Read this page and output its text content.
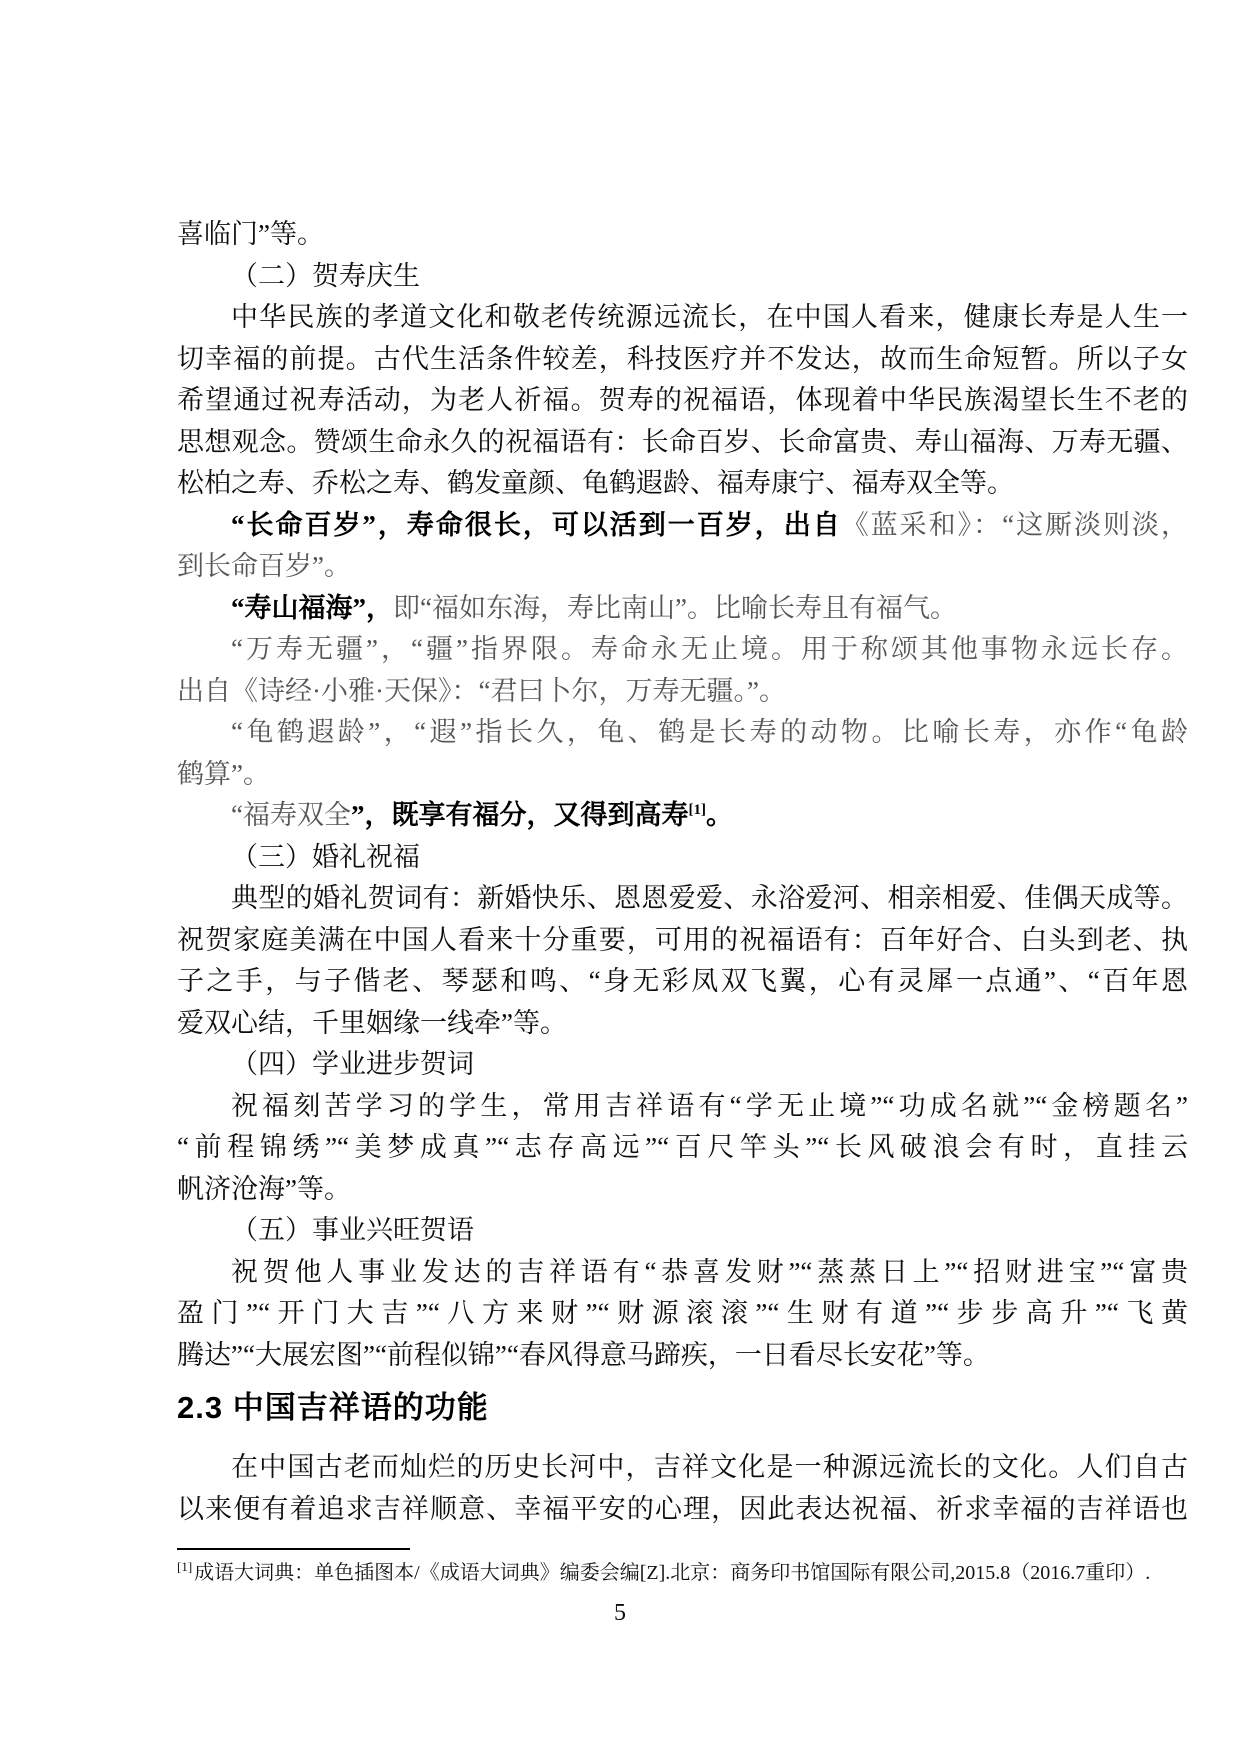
喜临门”等。
（二）贺寿庆生
中华民族的孝道文化和敬老传统源远流长，在中国人看来，健康长寿是人生一
切幸福的前提。古代生活条件较差，科技医疗并不发达，故而生命短暂。所以子女
希望通过祝寿活动，为老人祈福。贺寿的祝福语，体现着中华民族渴望长生不老的
思想观念。赞颂生命永久的祝福语有：长命百岁、长命富贵、寿山福海、万寿无疆、
松柏之寿、乔松之寿、鹤发童颜、龟鹤遐龄、福寿康宁、福寿双全等。
“长命百岁”，寿命很长，可以活到一百岁，出自《蓝采和》：“这厮淡则淡，
到长命百岁”。
“寿山福海”，即“福如东海，寿比南山”。比喻长寿且有福气。
“万寿无疆”，“疆”指界限。寿命永无止境。用于称颂其他事物永远长存。
出自《诗经·小雅·天保》：“君曰卜尔，万寿无疆。”。
“龟鹤遐龄”，“遐”指长久，龟、鹤是长寿的动物。比喻长寿，亦作“龟龄
鹤算”。
“福寿双全”，既享有福分，又得到高寿[1]。
（三）婚礼祝福
典型的婚礼贺词有：新婚快乐、恩恩爱爱、永浴爱河、相亲相爱、佳偶天成等。
祝贺家庭美满在中国人看来十分重要，可用的祝福语有：百年好合、白头到老、执
子之手，与子偕老、琴瑟和鸣、“身无彩凤双飞翼，心有灵犀一点通”、“百年恩
爱双心结，千里姻缘一线牵”等。
（四）学业进步贺词
祝福刻苦学习的学生，常用吉祥语有“学无止境”“功成名就”“金榜题名”
“前程锦绣”“美梦成真”“志存高远”“百尺竿头”“长风破浪会有时，直挂云
帆济沧海”等。
（五）事业兴旺贺语
祝贺他人事业发达的吉祥语有“恭喜发财”“蒸蒸日上”“招财进宝”“富贵
盈门”“开门大吉”“八方来财”“财源滚滚”“生财有道”“步步高升”“飞黄
腾达”“大展宏图”“前程似锦”“春风得意马蹄疾，一日看尽长安花”等。
2.3 中国吉祥语的功能
在中国古老而灿烂的历史长河中，吉祥文化是一种源远流长的文化。人们自古
以来便有着追求吉祥顺意、幸福平安的心理，因此表达祝福、祈求幸福的吉祥语也
[1] 成语大词典：单色插图本/《成语大词典》编委会编[Z].北京：商务印书馆国际有限公司,2015.8（2016.7重印）.
5
